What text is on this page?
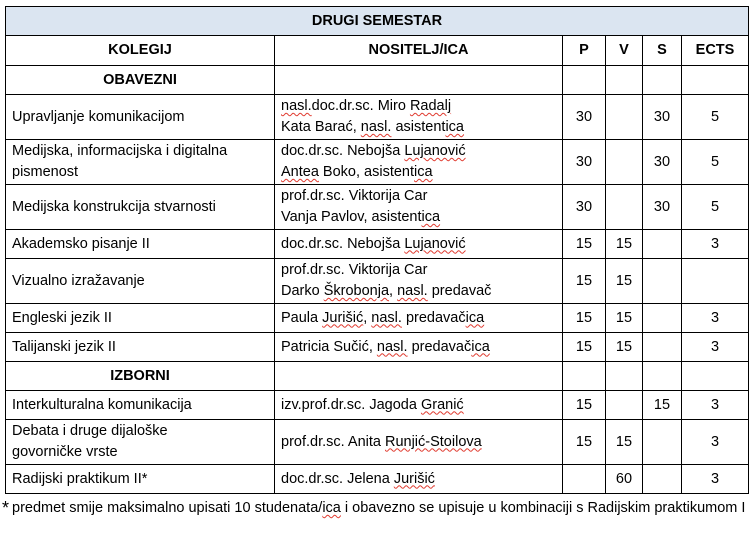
DRUGI SEMESTAR					
KOLEGIJ	NOSITELJ/ICA	P	V	S	ECTS
OBAVEZNI					

Upravljanje komunikacijom	nasl.doc.dr.sc. Miro Radalj
Kata Barać, nasl. asistentica	30		30	5

Medijska, informacijska i digitalna
pismenost	doc.dr.sc. Nebojša Lujanović
Antea Boko, asistentica	30		30	5

Medijska konstrukcija stvarnosti	prof.dr.sc. Viktorija Car
Vanja Pavlov, asistentica	30		30	5

Akademsko pisanje II	doc.dr.sc. Nebojša Lujanović	15	15		3

Vizualno izražavanje	prof.dr.sc. Viktorija Car
Darko Škrobonja, nasl. predavač	15	15		

Engleski jezik II	Paula Jurišić, nasl. predavačica	15	15		3

Talijanski jezik II	Patricia Sučić, nasl. predavačica	15	15		3
IZBORNI					

Interkulturalna komunikacija	izv.prof.dr.sc. Jagoda Granić	15		15	3

Debata i druge dijaloške
govorničke vrste	prof.dr.sc. Anita Runjić-Stoilova	15	15		3

Radijski praktikum II*	doc.dr.sc. Jelena Jurišić		60		3
* predmet smije maksimalno upisati 10 studenata/ica i obavezno se upisuje u kombinaciji s Radijskim praktikumom I
